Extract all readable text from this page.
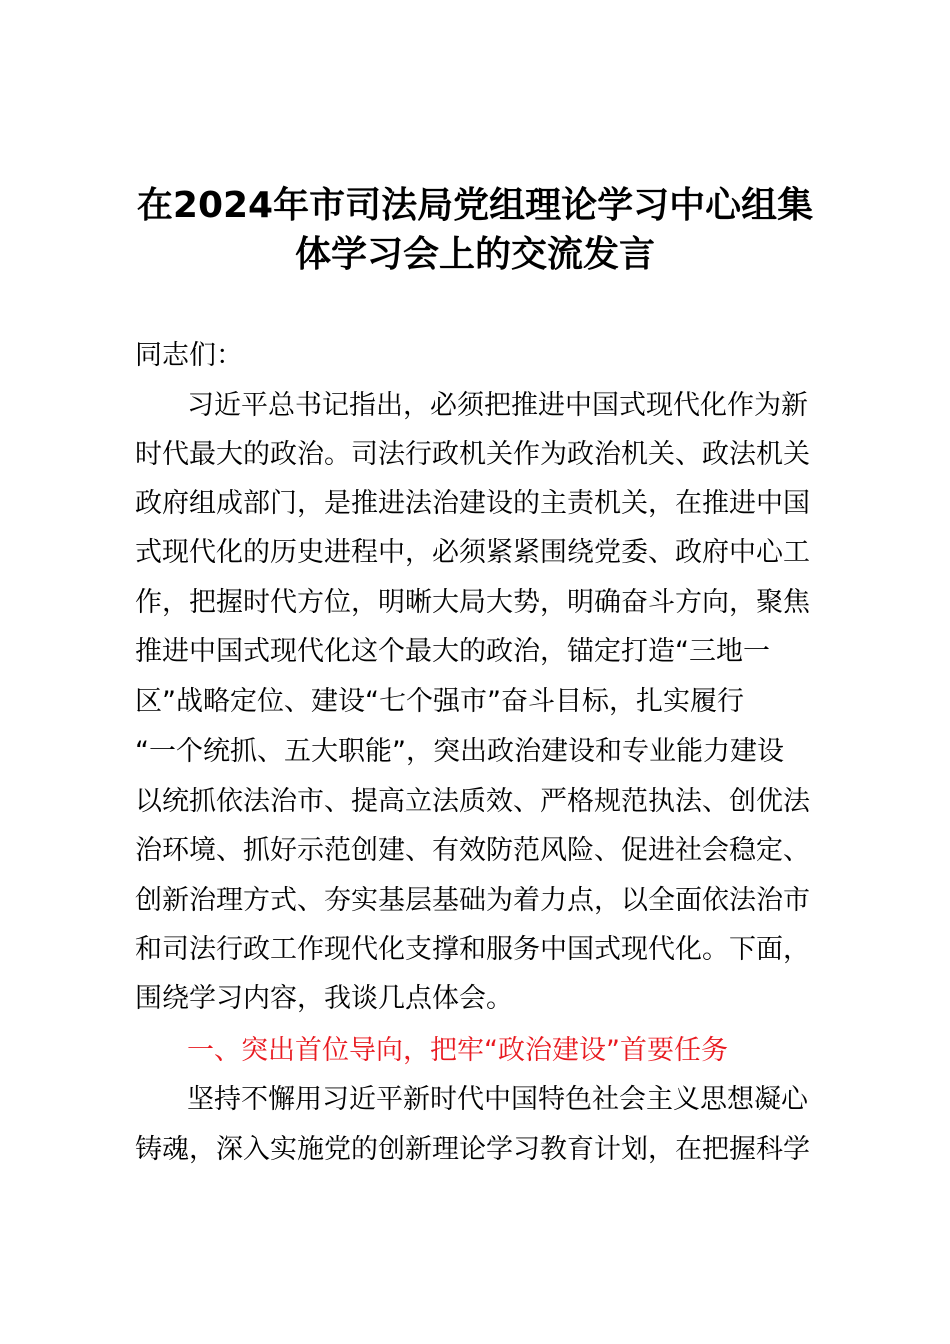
在2024年市司法局党组理论学习中心组集
体学习会上的交流发言
同志们：
习近平总书记指出，必须把推进中国式现代化作为新
时代最大的政治。司法行政机关作为政治机关、政法机关
政府组成部门，是推进法治建设的主责机关，在推进中国
式现代化的历史进程中，必须紧紧围绕党委、政府中心工
作，把握时代方位，明晰大局大势，明确奋斗方向，聚焦
推进中国式现代化这个最大的政治，锚定打造“三地一
区”战略定位、建设“七个强市”奋斗目标，扎实履行
“一个统抓、五大职能”，突出政治建设和专业能力建设
以统抓依法治市、提高立法质效、严格规范执法、创优法
治环境、抓好示范创建、有效防范风险、促进社会稳定、
创新治理方式、夯实基层基础为着力点，以全面依法治市
和司法行政工作现代化支撑和服务中国式现代化。下面，
围绕学习内容，我谈几点体会。
一、突出首位导向，把牢“政治建设”首要任务
坚持不懈用习近平新时代中国特色社会主义思想凝心
铸魂，深入实施党的创新理论学习教育计划，在把握科学
